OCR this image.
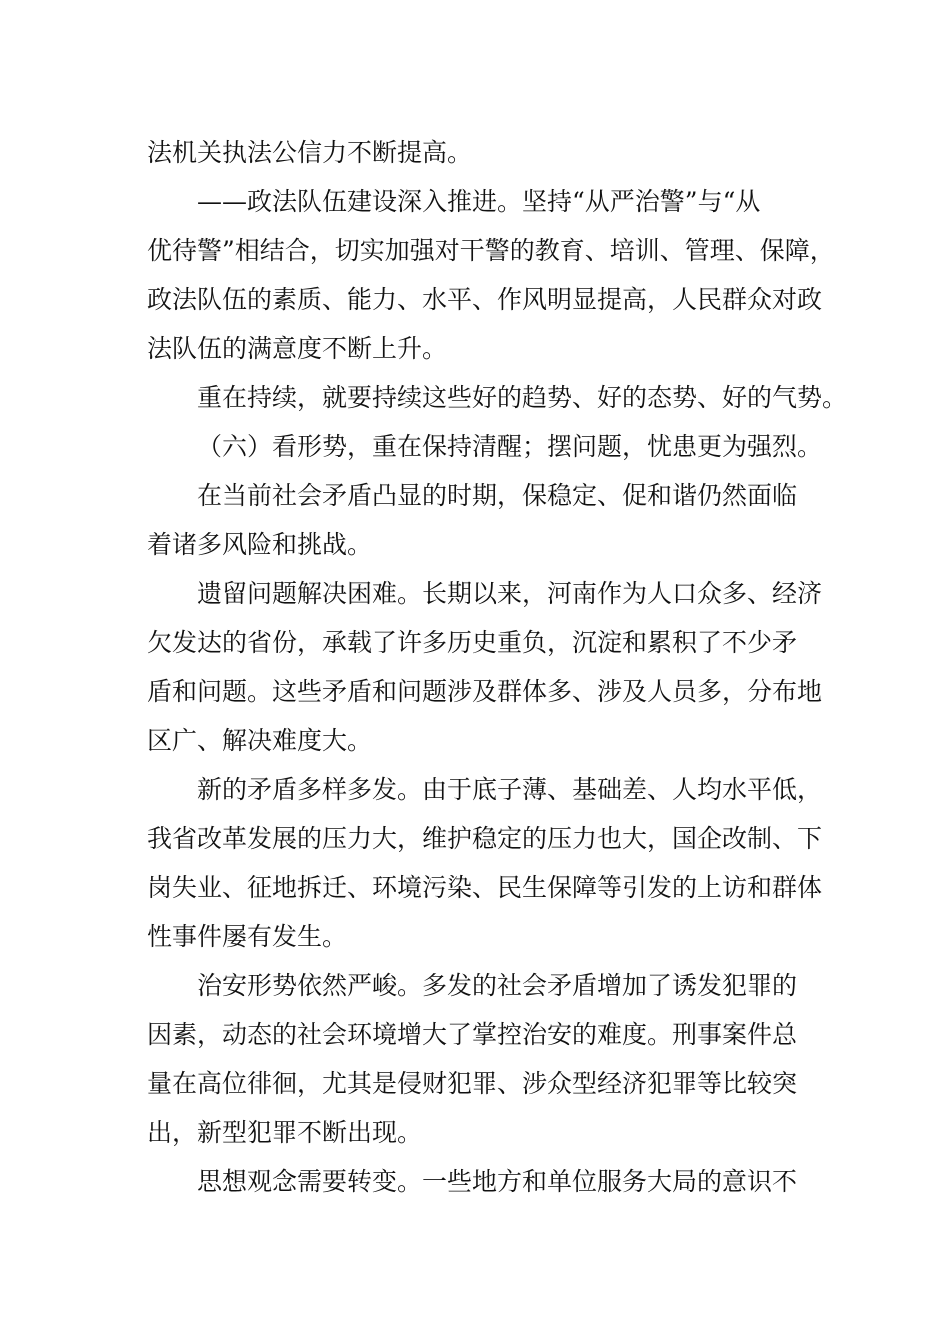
法机关执法公信力不断提高。
——政法队伍建设深入推进。坚持“从严治警”与“从
优待警”相结合，切实加强对干警的教育、培训、管理、保障，
政法队伍的素质、能力、水平、作风明显提高，人民群众对政
法队伍的满意度不断上升。
重在持续，就要持续这些好的趋势、好的态势、好的气势。
（六）看形势，重在保持清醒；摆问题，忧患更为强烈。
在当前社会矛盾凸显的时期，保稳定、促和谐仍然面临
着诸多风险和挑战。
遗留问题解决困难。长期以来，河南作为人口众多、经济
欠发达的省份，承载了许多历史重负，沉淀和累积了不少矛
盾和问题。这些矛盾和问题涉及群体多、涉及人员多，分布地
区广、解决难度大。
新的矛盾多样多发。由于底子薄、基础差、人均水平低，
我省改革发展的压力大，维护稳定的压力也大，国企改制、下
岗失业、征地拆迁、环境污染、民生保障等引发的上访和群体
性事件屡有发生。
治安形势依然严峻。多发的社会矛盾增加了诱发犯罪的
因素，动态的社会环境增大了掌控治安的难度。刑事案件总
量在高位徘徊，尤其是侵财犯罪、涉众型经济犯罪等比较突
出，新型犯罪不断出现。
思想观念需要转变。一些地方和单位服务大局的意识不
